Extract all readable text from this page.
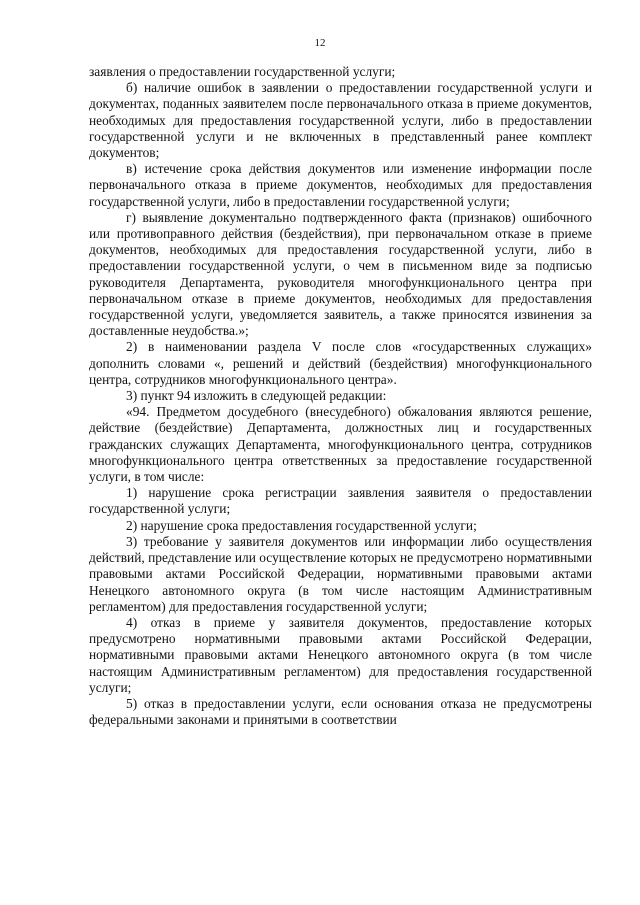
12

заявления о предоставлении государственной услуги;

б) наличие ошибок в заявлении о предоставлении государственной услуги и документах, поданных заявителем после первоначального отказа в приеме документов, необходимых для предоставления государственной услуги, либо в предоставлении государственной услуги и не включенных в представленный ранее комплект документов;

в) истечение срока действия документов или изменение информации после первоначального отказа в приеме документов, необходимых для предоставления государственной услуги, либо в предоставлении государственной услуги;

г) выявление документально подтвержденного факта (признаков) ошибочного или противоправного действия (бездействия), при первоначальном отказе в приеме документов, необходимых для предоставления государственной услуги, либо в предоставлении государственной услуги, о чем в письменном виде за подписью руководителя Департамента, руководителя многофункционального центра при первоначальном отказе в приеме документов, необходимых для предоставления государственной услуги, уведомляется заявитель, а также приносятся извинения за доставленные неудобства.»;

2) в наименовании раздела V после слов «государственных служащих» дополнить словами «, решений и действий (бездействия) многофункционального центра, сотрудников многофункционального центра».

3) пункт 94 изложить в следующей редакции:

«94. Предметом досудебного (внесудебного) обжалования являются решение, действие (бездействие) Департамента, должностных лиц и государственных гражданских служащих Департамента, многофункционального центра, сотрудников многофункционального центра ответственных за предоставление государственной услуги, в том числе:

1) нарушение срока регистрации заявления заявителя о предоставлении государственной услуги;

2) нарушение срока предоставления государственной услуги;

3) требование у заявителя документов или информации либо осуществления действий, представление или осуществление которых не предусмотрено нормативными правовыми актами Российской Федерации, нормативными правовыми актами Ненецкого автономного округа (в том числе настоящим Административным регламентом) для предоставления государственной услуги;

4) отказ в приеме у заявителя документов, предоставление которых предусмотрено нормативными правовыми актами Российской Федерации, нормативными правовыми актами Ненецкого автономного округа (в том числе настоящим Административным регламентом) для предоставления государственной услуги;

5) отказ в предоставлении услуги, если основания отказа не предусмотрены федеральными законами и принятыми в соответствии
